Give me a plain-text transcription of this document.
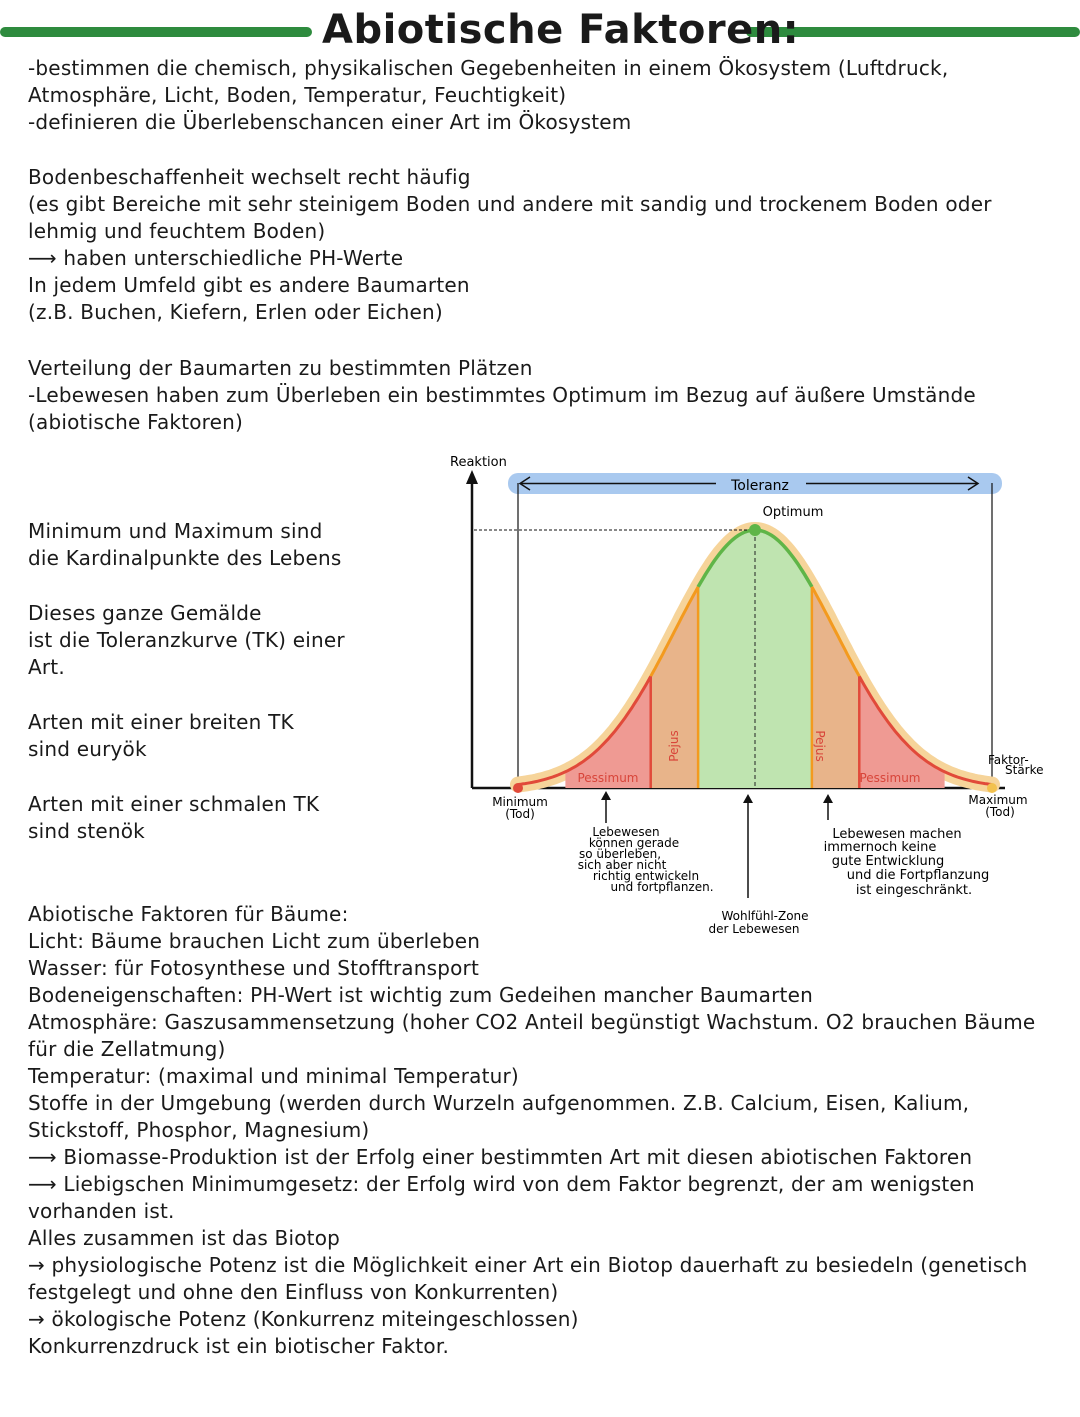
Abiotische Faktoren:

-bestimmen die chemisch, physikalischen Gegebenheiten in einem Ökosystem (Luftdruck,

Atmosphäre, Licht, Boden, Temperatur, Feuchtigkeit)

-definieren die Überlebenschancen einer Art im Ökosystem

Bodenbeschaffenheit wechselt recht häufig

(es gibt Bereiche mit sehr steinigem Boden und andere mit sandig und trockenem Boden oder

lehmig und feuchtem Boden)

⟶ haben unterschiedliche PH-Werte

In jedem Umfeld gibt es andere Baumarten

(z.B. Buchen, Kiefern, Erlen oder Eichen)

Verteilung der Baumarten zu bestimmten Plätzen

-Lebewesen haben zum Überleben ein bestimmtes Optimum im Bezug auf äußere Umstände

(abiotische Faktoren)

Minimum und Maximum sind

die Kardinalpunkte des Lebens

Dieses ganze Gemälde

ist die Toleranzkurve (TK) einer

Art.

Arten mit einer breiten TK

sind euryök

Arten mit einer schmalen TK

sind stenök

Reaktion
Toleranz
Optimum
Pessimum	Pessimum
Pejus	Pejus
Minimum
(Tod)
Maximum
(Tod)
Faktor-
Stärke
Lebewesen
können gerade
so überleben,
sich aber nicht
richtig entwickeln
und fortpflanzen.
Lebewesen machen
immernoch keine
gute Entwicklung
und die Fortpflanzung
ist eingeschränkt.
Wohlfühl-Zone
der Lebewesen

Abiotische Faktoren für Bäume:

Licht: Bäume brauchen Licht zum überleben

Wasser: für Fotosynthese und Stofftransport

Bodeneigenschaften: PH-Wert ist wichtig zum Gedeihen mancher Baumarten

Atmosphäre: Gaszusammensetzung (hoher CO2 Anteil begünstigt Wachstum. O2 brauchen Bäume

für die Zellatmung)

Temperatur: (maximal und minimal Temperatur)

Stoffe in der Umgebung (werden durch Wurzeln aufgenommen. Z.B. Calcium, Eisen, Kalium,

Stickstoff, Phosphor, Magnesium)

⟶ Biomasse-Produktion ist der Erfolg einer bestimmten Art mit diesen abiotischen Faktoren

⟶ Liebigschen Minimumgesetz: der Erfolg wird von dem Faktor begrenzt, der am wenigsten

vorhanden ist.

Alles zusammen ist das Biotop

→ physiologische Potenz ist die Möglichkeit einer Art ein Biotop dauerhaft zu besiedeln (genetisch

festgelegt und ohne den Einfluss von Konkurrenten)

→ ökologische Potenz (Konkurrenz miteingeschlossen)

Konkurrenzdruck ist ein biotischer Faktor.
